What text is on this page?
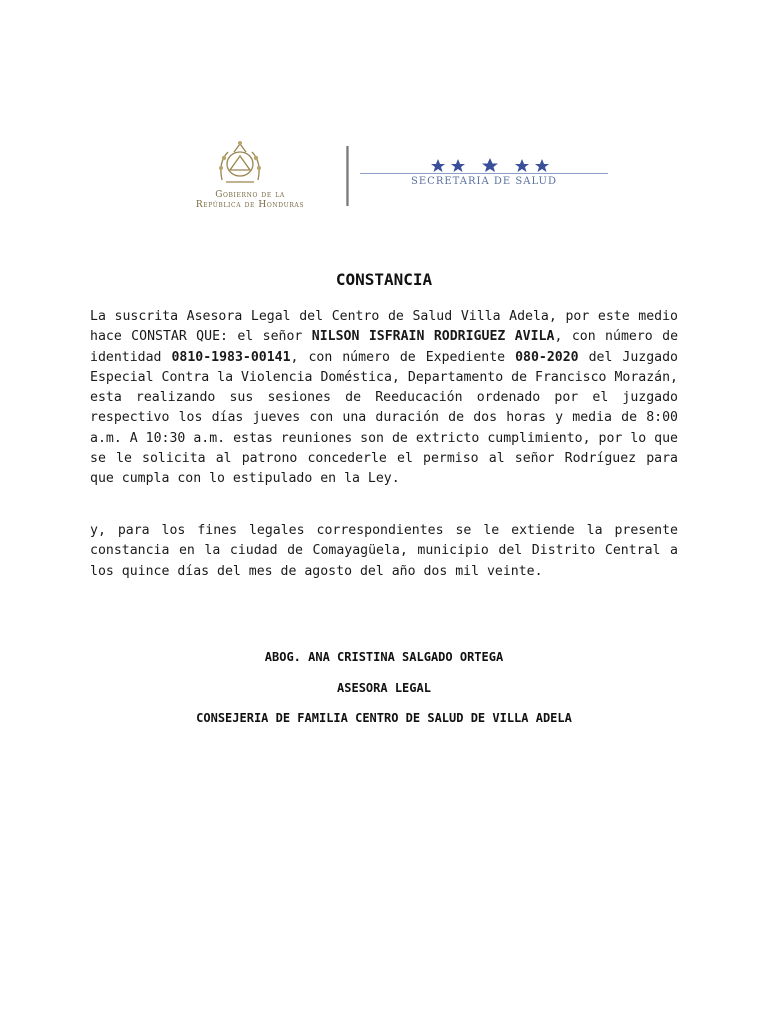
Gobierno de la
República de Honduras
SECRETARIA DE SALUD
CONSTANCIA

La suscrita Asesora Legal del Centro de Salud Villa Adela, por este medio hace CONSTAR QUE: el señor NILSON ISFRAIN RODRIGUEZ AVILA, con número de identidad 0810-1983-00141, con número de Expediente 080-2020 del Juzgado Especial Contra la Violencia Doméstica, Departamento de Francisco Morazán, esta realizando sus sesiones de Reeducación ordenado por el juzgado respectivo los días jueves con una duración de dos horas y media de 8:00 a.m. A 10:30 a.m. estas reuniones son de extricto cumplimiento, por lo que se le solicita al patrono concederle el permiso al señor Rodríguez para que cumpla con lo estipulado en la Ley.

y, para los fines legales correspondientes se le extiende la presente constancia en la ciudad de Comayagüela, municipio del Distrito Central a los quince días del mes de agosto del año dos mil veinte.

ABOG. ANA CRISTINA SALGADO ORTEGA
ASESORA LEGAL
CONSEJERIA DE FAMILIA CENTRO DE SALUD DE VILLA ADELA
